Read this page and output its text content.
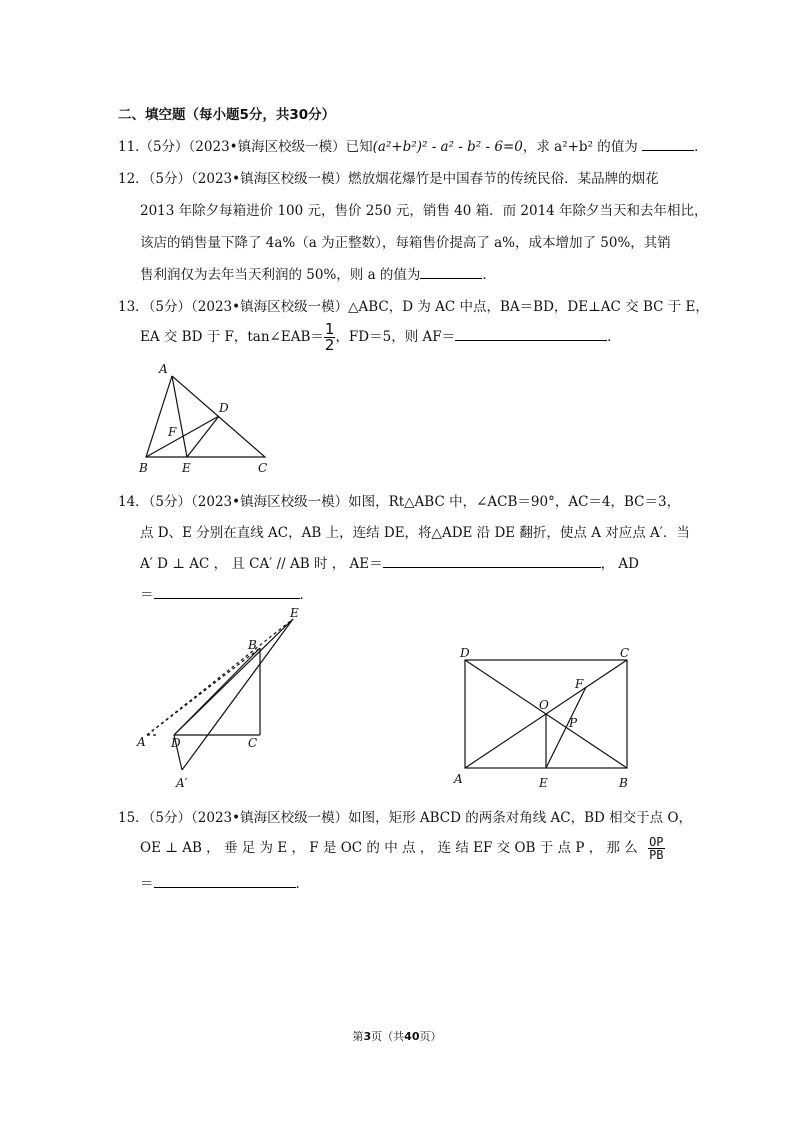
二、填空题（每小题5分，共30分）
11.（5分）（2023•镇海区校级一模）已知(a²+b²)² - a² - b² - 6=0，求 a²+b² 的值为	．
12．（5分）（2023•镇海区校级一模）燃放烟花爆竹是中国春节的传统民俗．某品牌的烟花
2013 年除夕每箱进价 100 元，售价 250 元，销售 40 箱．而 2014 年除夕当天和去年相比，
该店的销售量下降了 4a%（a 为正整数），每箱售价提高了 a%，成本增加了 50%，其销
售利润仅为去年当天利润的 50%，则 a 的值为	．
13．（5分）（2023•镇海区校级一模）△ABC，D 为 AC 中点，BA＝BD，DE⊥AC 交 BC 于 E，
EA 交 BD 于 F，tan∠EAB＝ $\frac{1}{2}$ ，FD＝5，则 AF＝	．
A
D
F
B	E	C
14．（5分）（2023•镇海区校级一模）如图，Rt△ABC 中，∠ACB＝90°，AC＝4，BC＝3，
点 D、E 分别在直线 AC，AB 上，连结 DE，将△ADE 沿 DE 翻折，使点 A 对应点 A′．当
A′ D ⊥ AC ， 且 CA′ // AB 时 ， AE＝	， AD
＝	．
E
B
A D	C
A′
D	C
F
O
P
A	E	B
15．（5分）（2023•镇海区校级一模）如图，矩形 ABCD 的两条对角线 AC，BD 相交于点 O，
OE ⊥ AB ， 垂 足 为 E ， F 是 OC 的 中 点 ， 连 结 EF 交 OB 于 点 P ， 那 么 $\frac{OP}{PB}$
＝	．
第3页（共40页）
